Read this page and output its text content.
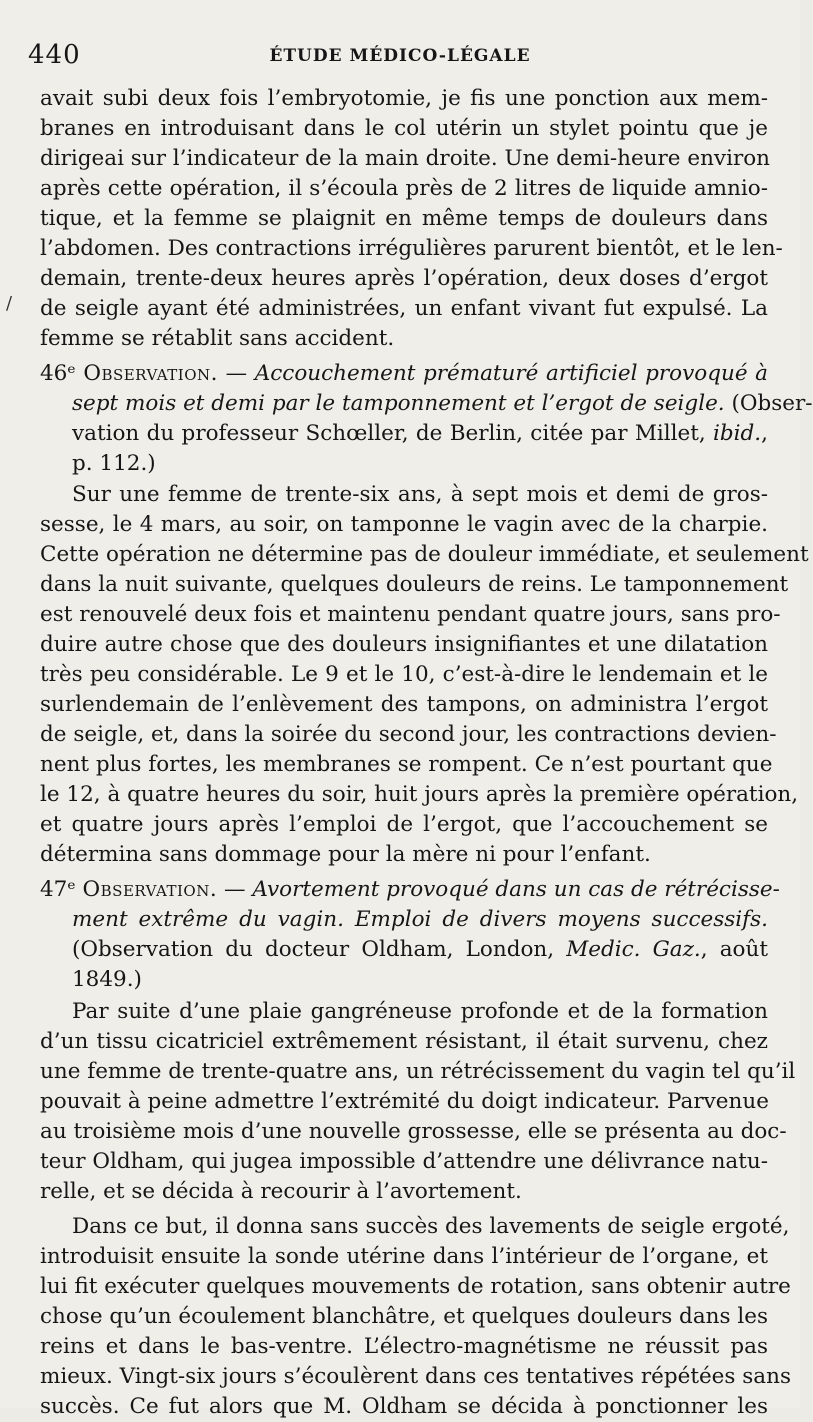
440	ÉTUDE MÉDICO-LÉGALE
/
avait subi deux fois l’embryotomie, je fis une ponction aux mem-
branes en introduisant dans le col utérin un stylet pointu que je
dirigeai sur l’indicateur de la main droite. Une demi-heure environ
après cette opération, il s’écoula près de 2 litres de liquide amnio-
tique, et la femme se plaignit en même temps de douleurs dans
l’abdomen. Des contractions irrégulières parurent bientôt, et le len-
demain, trente-deux heures après l’opération, deux doses d’ergot
de seigle ayant été administrées, un enfant vivant fut expulsé. La
femme se rétablit sans accident.
46ᵉ Observation. — Accouchement prématuré artificiel provoqué à
sept mois et demi par le tamponnement et l’ergot de seigle. (Obser-
vation du professeur Schœller, de Berlin, citée par Millet, ibid.,
p. 112.)
Sur une femme de trente-six ans, à sept mois et demi de gros-
sesse, le 4 mars, au soir, on tamponne le vagin avec de la charpie.
Cette opération ne détermine pas de douleur immédiate, et seulement
dans la nuit suivante, quelques douleurs de reins. Le tamponnement
est renouvelé deux fois et maintenu pendant quatre jours, sans pro-
duire autre chose que des douleurs insignifiantes et une dilatation
très peu considérable. Le 9 et le 10, c’est-à-dire le lendemain et le
surlendemain de l’enlèvement des tampons, on administra l’ergot
de seigle, et, dans la soirée du second jour, les contractions devien-
nent plus fortes, les membranes se rompent. Ce n’est pourtant que
le 12, à quatre heures du soir, huit jours après la première opération,
et quatre jours après l’emploi de l’ergot, que l’accouchement se
détermina sans dommage pour la mère ni pour l’enfant.
47ᵉ Observation. — Avortement provoqué dans un cas de rétrécisse-
ment extrême du vagin. Emploi de divers moyens successifs.
(Observation du docteur Oldham, London, Medic. Gaz., août
1849.)
Par suite d’une plaie gangréneuse profonde et de la formation
d’un tissu cicatriciel extrêmement résistant, il était survenu, chez
une femme de trente-quatre ans, un rétrécissement du vagin tel qu’il
pouvait à peine admettre l’extrémité du doigt indicateur. Parvenue
au troisième mois d’une nouvelle grossesse, elle se présenta au doc-
teur Oldham, qui jugea impossible d’attendre une délivrance natu-
relle, et se décida à recourir à l’avortement.
Dans ce but, il donna sans succès des lavements de seigle ergoté,
introduisit ensuite la sonde utérine dans l’intérieur de l’organe, et
lui fit exécuter quelques mouvements de rotation, sans obtenir autre
chose qu’un écoulement blanchâtre, et quelques douleurs dans les
reins et dans le bas-ventre. L’électro-magnétisme ne réussit pas
mieux. Vingt-six jours s’écoulèrent dans ces tentatives répétées sans
succès. Ce fut alors que M. Oldham se décida à ponctionner les
